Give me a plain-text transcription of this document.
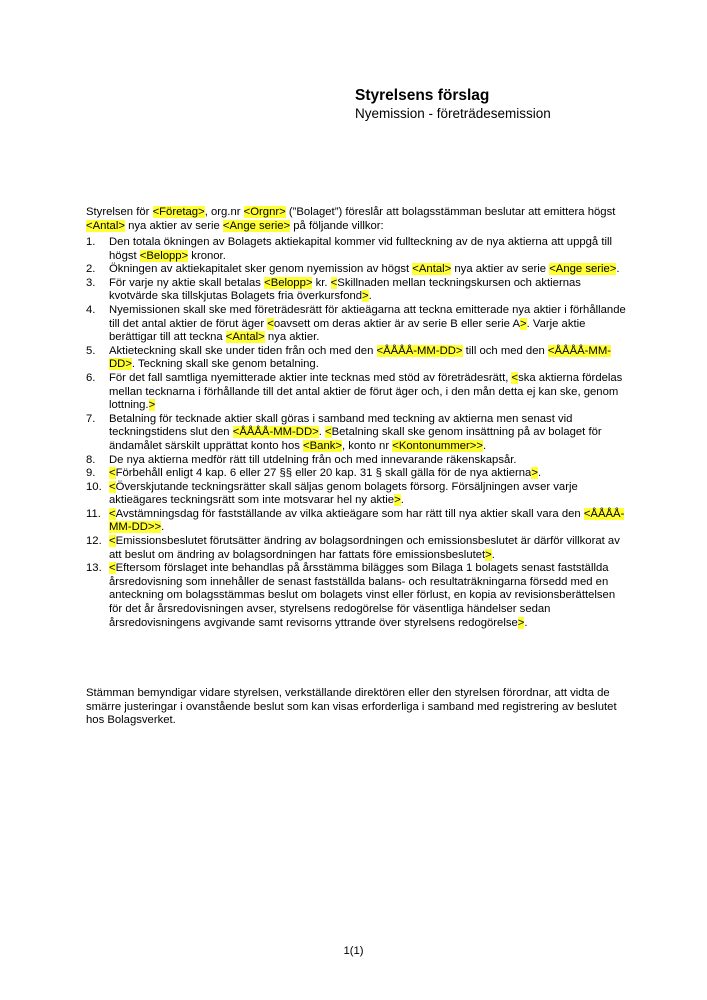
Styrelsens förslag
Nyemission - företrädesemission

Styrelsen för <Företag>, org.nr <Orgnr> (”Bolaget”) föreslår att bolagsstämman beslutar att emittera högst <Antal> nya aktier av serie <Ange serie> på följande villkor:

1. Den totala ökningen av Bolagets aktiekapital kommer vid fullteckning av de nya aktierna att uppgå till högst <Belopp> kronor.
2. Ökningen av aktiekapitalet sker genom nyemission av högst <Antal> nya aktier av serie <Ange serie>.
3. För varje ny aktie skall betalas <Belopp> kr. <Skillnaden mellan teckningskursen och aktiernas kvotvärde ska tillskjutas Bolagets fria överkursfond>.
4. Nyemissionen skall ske med företrädesrätt för aktieägarna att teckna emitterade nya aktier i förhållande till det antal aktier de förut äger <oavsett om deras aktier är av serie B eller serie A>. Varje aktie berättigar till att teckna <Antal> nya aktier.
5. Aktieteckning skall ske under tiden från och med den <ÅÅÅÅ-MM-DD> till och med den <ÅÅÅÅ-MM-DD>. Teckning skall ske genom betalning.
6. För det fall samtliga nyemitterade aktier inte tecknas med stöd av företrädesrätt, <ska aktierna fördelas mellan tecknarna i förhållande till det antal aktier de förut äger och, i den mån detta ej kan ske, genom lottning.>
7. Betalning för tecknade aktier skall göras i samband med teckning av aktierna men senast vid teckningstidens slut den <ÅÅÅÅ-MM-DD>. <Betalning skall ske genom insättning på av bolaget för ändamålet särskilt upprättat konto hos <Bank>, konto nr <Kontonummer>>.
8. De nya aktierna medför rätt till utdelning från och med innevarande räkenskapsår.
9. <Förbehåll enligt 4 kap. 6 eller 27 §§ eller 20 kap. 31 § skall gälla för de nya aktierna>.
10. <Överskjutande teckningsrätter skall säljas genom bolagets försorg. Försäljningen avser varje aktieägares teckningsrätt som inte motsvarar hel ny aktie>.
11. <Avstämningsdag för fastställande av vilka aktieägare som har rätt till nya aktier skall vara den <ÅÅÅÅ-MM-DD>>.
12. <Emissionsbeslutet förutsätter ändring av bolagsordningen och emissionsbeslutet är därför villkorat av att beslut om ändring av bolagsordningen har fattats före emissionsbeslutet>.
13. <Eftersom förslaget inte behandlas på årsstämma bilägges som Bilaga 1 bolagets senast fastställda årsredovisning som innehåller de senast fastställda balans- och resultaträkningarna försedd med en anteckning om bolagsstämmas beslut om bolagets vinst eller förlust, en kopia av revisionsberättelsen för det år årsredovisningen avser, styrelsens redogörelse för väsentliga händelser sedan årsredovisningens avgivande samt revisorns yttrande över styrelsens redogörelse>.

Stämman bemyndigar vidare styrelsen, verkställande direktören eller den styrelsen förordnar, att vidta de smärre justeringar i ovanstående beslut som kan visas erforderliga i samband med registrering av beslutet hos Bolagsverket.

1(1)
